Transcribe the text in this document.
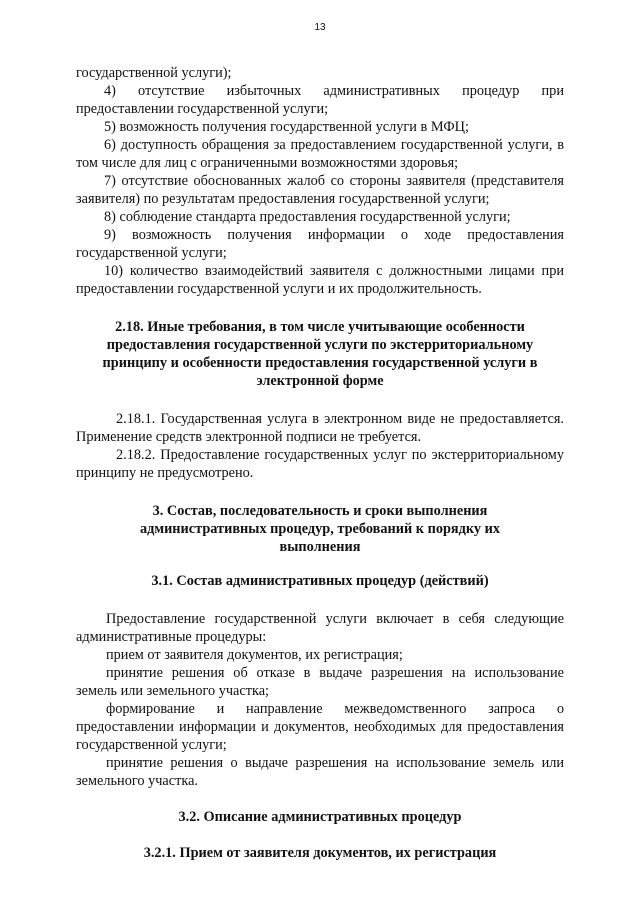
13

государственной услуги);

4) отсутствие избыточных административных процедур при предоставлении государственной услуги;

5) возможность получения государственной услуги в МФЦ;

6) доступность обращения за предоставлением государственной услуги, в том числе для лиц с ограниченными возможностями здоровья;

7) отсутствие обоснованных жалоб со стороны заявителя (представителя заявителя) по результатам предоставления государственной услуги;

8) соблюдение стандарта предоставления государственной услуги;

9) возможность получения информации о ходе предоставления государственной услуги;

10) количество взаимодействий заявителя с должностными лицами при предоставлении государственной услуги и их продолжительность.

2.18. Иные требования, в том числе учитывающие особенности предоставления государственной услуги по экстерриториальному принципу и особенности предоставления государственной услуги в электронной форме

2.18.1. Государственная услуга в электронном виде не предоставляется. Применение средств электронной подписи не требуется.

2.18.2. Предоставление государственных услуг по экстерриториальному принципу не предусмотрено.

3. Состав, последовательность и сроки выполнения административных процедур, требований к порядку их выполнения

3.1. Состав административных процедур (действий)

Предоставление государственной услуги включает в себя следующие административные процедуры:

прием от заявителя документов, их регистрация;

принятие решения об отказе в выдаче разрешения на использование земель или земельного участка;

формирование и направление межведомственного запроса о предоставлении информации и документов, необходимых для предоставления государственной услуги;

принятие решения о выдаче разрешения на использование земель или земельного участка.

3.2. Описание административных процедур

3.2.1. Прием от заявителя документов, их регистрация
